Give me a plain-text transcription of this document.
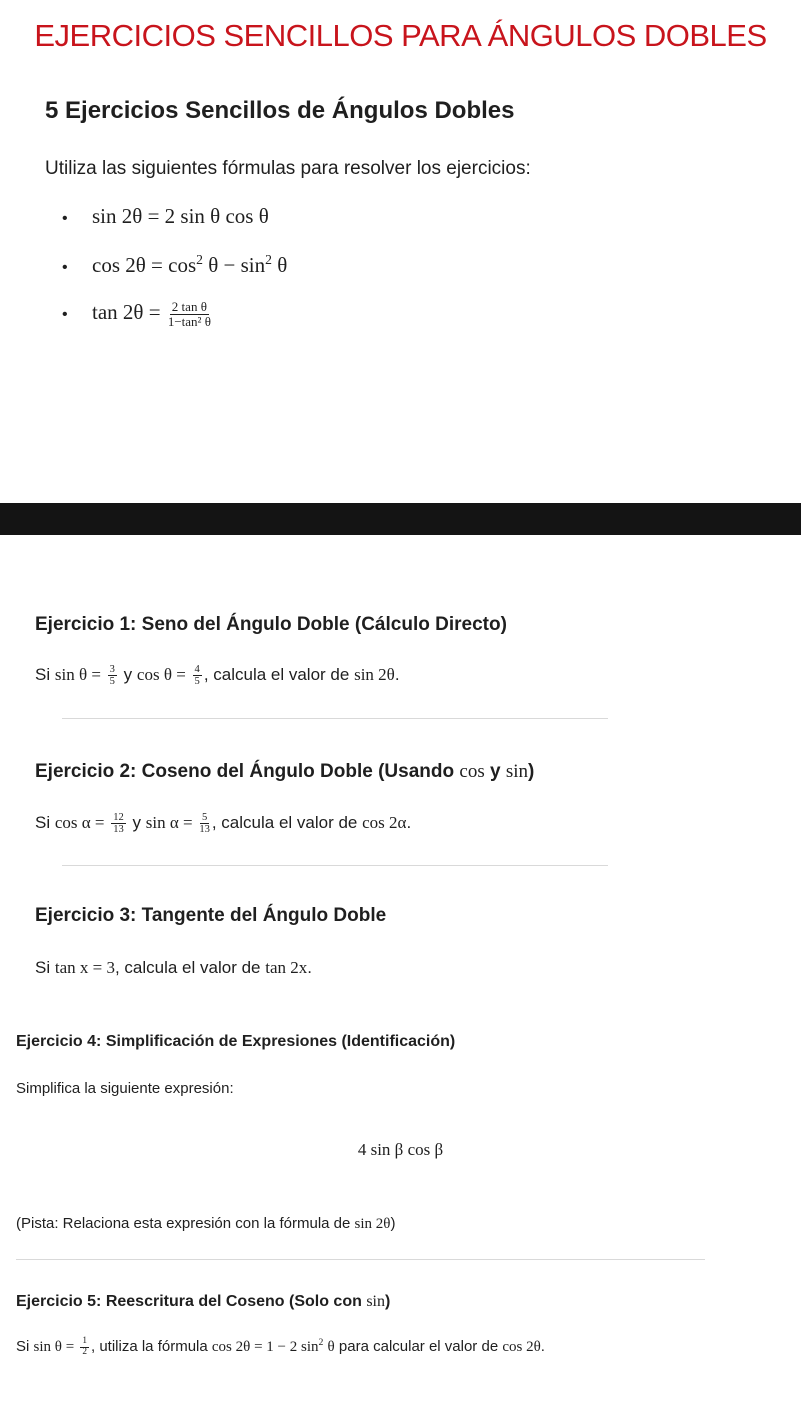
EJERCICIOS SENCILLOS PARA ÁNGULOS DOBLES
5 Ejercicios Sencillos de Ángulos Dobles
Utiliza las siguientes fórmulas para resolver los ejercicios:
• sin 2θ = 2 sin θ cos θ
• $\cos 2\theta = \cos^2 \theta - \sin^2 \theta$
• $\tan 2\theta = \frac{\text{2 tan θ}}{\text{1−tan² θ}}$
Ejercicio 1: Seno del Ángulo Doble (Cálculo Directo)
Si $\sin \theta = \frac{3}{5}$ y $\cos \theta = \frac{4}{5}$ , calcula el valor de sin 2θ.
Ejercicio 2: Coseno del Ángulo Doble (Usando cos y sin)
Si $\cos \alpha = \frac{12}{13}$ y $\sin \alpha = \frac{5}{13}$ , calcula el valor de cos 2α.
Ejercicio 3: Tangente del Ángulo Doble
Si tan x = 3, calcula el valor de tan 2x.
Ejercicio 4: Simplificación de Expresiones (Identificación)
Simplifica la siguiente expresión:
4 sin β cos β
(Pista: Relaciona esta expresión con la fórmula de sin 2θ)
Ejercicio 5: Reescritura del Coseno (Solo con sin)
Si $\sin \theta = \frac{1}{2}$ , utiliza la fórmula cos 2θ = 1 − 2 $\sin^2 \theta$ para calcular el valor de cos 2θ.
